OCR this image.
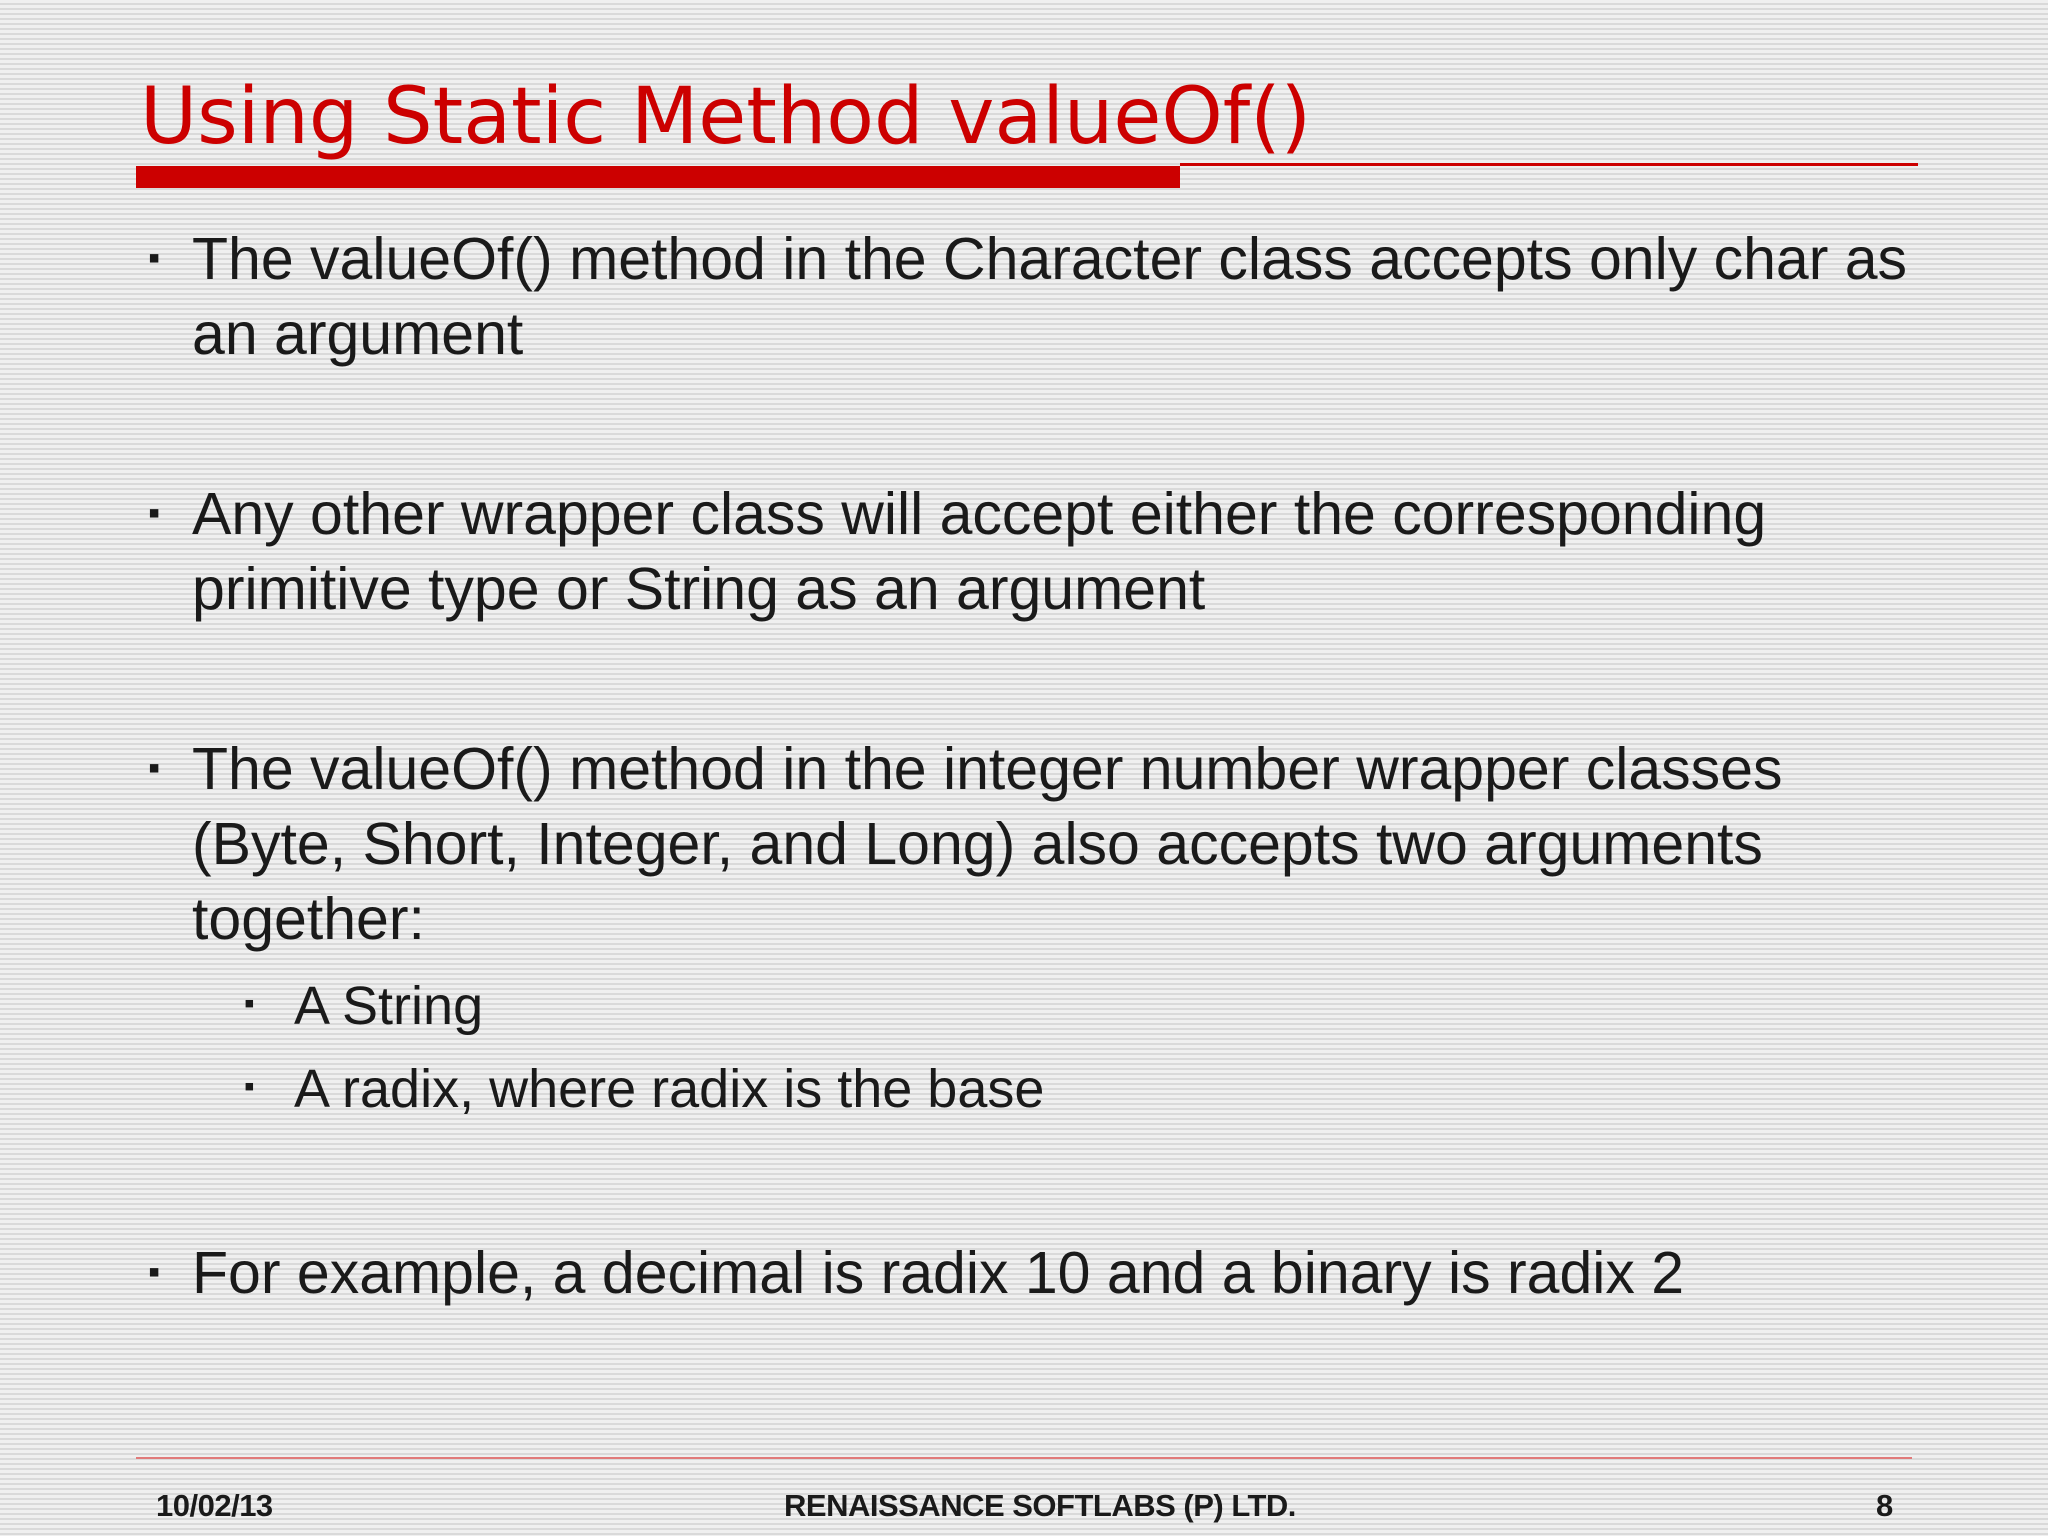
Using Static Method valueOf()
▪ The valueOf() method in the Character class accepts only char as an argument
▪ Any other wrapper class will accept either the corresponding primitive type or String as an argument
▪ The valueOf() method in the integer number wrapper classes (Byte, Short, Integer, and Long) also accepts two arguments together:
▪ A String
▪ A radix, where radix is the base
▪ For example, a decimal is radix 10 and a binary is radix 2
10/02/13	RENAISSANCE SOFTLABS (P) LTD.	8
